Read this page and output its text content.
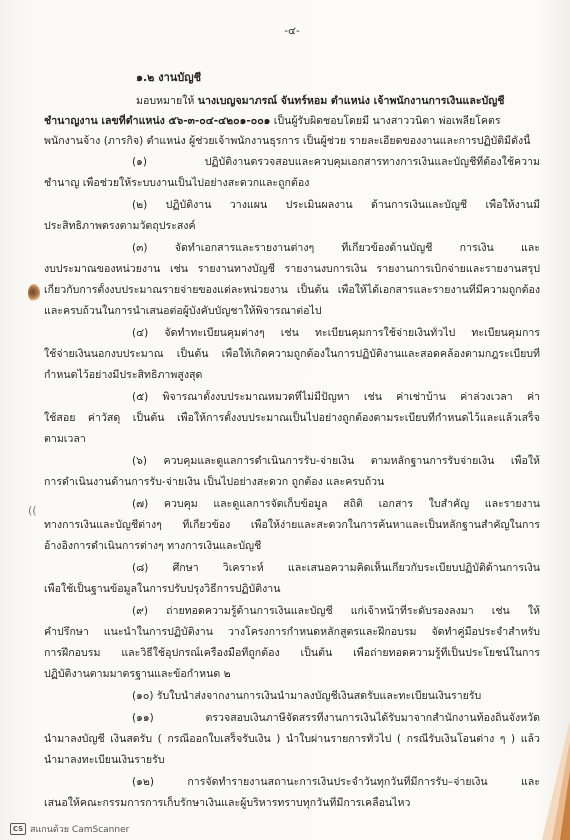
((
-๔-
๑.๒ งานบัญชี
มอบหมายให้ นางเบญจมาภรณ์ จันทร์หอม ตำแหน่ง เจ้าพนักงานการเงินและบัญชี
ชำนาญงาน เลขที่ตำแหน่ง ๕๖-๓-๐๔-๔๒๐๑-๐๐๑ เป็นผู้รับผิดชอบโดยมี นางสาววนิดา พ่อเพลียโคตร
พนักงานจ้าง (ภารกิจ) ตำแหน่ง ผู้ช่วยเจ้าพนักงานธุรการ เป็นผู้ช่วย รายละเอียดของงานและการปฏิบัติมีดังนี้
(๑) ปฏิบัติงานตรวจสอบและควบคุมเอกสารทางการเงินและบัญชีที่ต้องใช้ความ
ชำนาญ เพื่อช่วยให้ระบบงานเป็นไปอย่างสะดวกและถูกต้อง
(๒) ปฏิบัติงาน วางแผน ประเมินผลงาน ด้านการเงินและบัญชี เพื่อให้งานมี
ประสิทธิภาพตรงตามวัตถุประสงค์
(๓) จัดทำเอกสารและรายงานต่างๆ ที่เกี่ยวข้องด้านบัญชี การเงิน และ
งบประมาณของหน่วยงาน เช่น รายงานทางบัญชี รายงานงบการเงิน รายงานการเบิกจ่ายและรายงานสรุป
เกี่ยวกับการตั้งงบประมาณรายจ่ายของแต่ละหน่วยงาน เป็นต้น เพื่อให้ได้เอกสารและรายงานที่มีความถูกต้อง
และครบถ้วนในการนำเสนอต่อผู้บังคับบัญชาให้พิจารณาต่อไป
(๔) จัดทำทะเบียนคุมต่างๆ เช่น ทะเบียนคุมการใช้จ่ายเงินทั่วไป ทะเบียนคุมการ
ใช้จ่ายเงินนอกงบประมาณ เป็นต้น เพื่อให้เกิดความถูกต้องในการปฏิบัติงานและสอดคล้องตามกฎระเบียบที่
กำหนดไว้อย่างมีประสิทธิภาพสูงสุด
(๕) พิจารณาตั้งงบประมาณหมวดที่ไม่มีปัญหา เช่น ค่าเช่าบ้าน ค่าล่วงเวลา ค่า
ใช้สอย ค่าวัสดุ เป็นต้น เพื่อให้การตั้งงบประมาณเป็นไปอย่างถูกต้องตามระเบียบที่กำหนดไว้และแล้วเสร็จ
ตามเวลา
(๖) ควบคุมและดูแลการดำเนินการรับ-จ่ายเงิน ตามหลักฐานการรับจ่ายเงิน เพื่อให้
การดำเนินงานด้านการรับ-จ่ายเงิน เป็นไปอย่างสะดวก ถูกต้อง และครบถ้วน
(๗) ควบคุม และดูแลการจัดเก็บข้อมูล สถิติ เอกสาร ใบสำคัญ และรายงาน
ทางการเงินและบัญชีต่างๆ ที่เกี่ยวข้อง เพื่อให้ง่ายและสะดวกในการค้นหาและเป็นหลักฐานสำคัญในการ
อ้างอิงการดำเนินการต่างๆ ทางการเงินและบัญชี
(๘) ศึกษา วิเคราะห์ และเสนอความคิดเห็นเกี่ยวกับระเบียบปฏิบัติด้านการเงิน
เพื่อใช้เป็นฐานข้อมูลในการปรับปรุงวิธีการปฏิบัติงาน
(๙) ถ่ายทอดความรู้ด้านการเงินและบัญชี แก่เจ้าหน้าที่ระดับรองลงมา เช่น ให้
คำปรึกษา แนะนำในการปฏิบัติงาน วางโครงการกำหนดหลักสูตรและฝึกอบรม จัดทำคู่มือประจำสำหรับ
การฝึกอบรม และวิธีใช้อุปกรณ์เครื่องมือที่ถูกต้อง เป็นต้น เพื่อถ่ายทอดความรู้ที่เป็นประโยชน์ในการ
ปฏิบัติงานตามมาตรฐานและข้อกำหนด ๒
(๑๐) รับใบนำส่งจากงานการเงินนำมาลงบัญชีเงินสดรับและทะเบียนเงินรายรับ
(๑๑) ตรวจสอบเงินภาษีจัดสรรที่งานการเงินได้รับมาจากสำนักงานท้องถิ่นจังหวัด
นำมาลงบัญชี เงินสดรับ ( กรณีออกใบเสร็จรับเงิน ) นำใบผ่านรายการทั่วไป ( กรณีรับเงินโอนต่าง ๆ ) แล้ว
นำมาลงทะเบียนเงินรายรับ
(๑๒) การจัดทำรายงานสถานะการเงินประจำวันทุกวันที่มีการรับ–จ่ายเงิน และ
เสนอให้คณะกรรมการการเก็บรักษาเงินและผู้บริหารทราบทุกวันที่มีการเคลื่อนไหว
CS สแกนด้วย CamScanner
